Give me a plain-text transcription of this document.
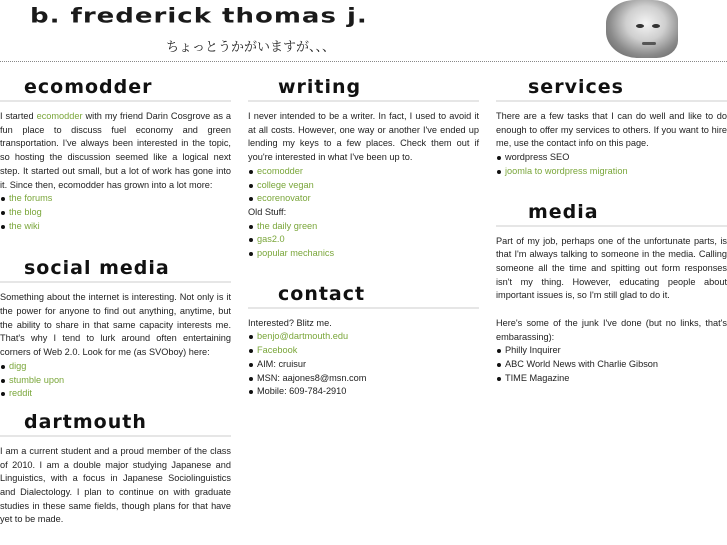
b. frederick thomas j.
ちょっとうかがいますが、、、
ecomodder

I started ecomodder with my friend Darin Cosgrove as a fun place to discuss fuel economy and green transportation. I've always been interested in the topic, so hosting the discussion seemed like a logical next step. It started out small, but a lot of work has gone into it. Since then, ecomodder has grown into a lot more:

the forums
the blog
the wiki
social media

Something about the internet is interesting. Not only is it the power for anyone to find out anything, anytime, but the ability to share in that same capacity interests me. That's why I tend to lurk around often entertaining corners of Web 2.0. Look for me (as SVOboy) here:

digg
stumble upon
reddit
dartmouth

I am a current student and a proud member of the class of 2010. I am a double major studying Japanese and Linguistics, with a focus in Japanese Sociolinguistics and Dialectology. I plan to continue on with graduate studies in these same fields, though plans for that have yet to be made.

writing

I never intended to be a writer. In fact, I used to avoid it at all costs. However, one way or another I've ended up lending my keys to a few places. Check them out if you're interested in what I've been up to.

ecomodder
college vegan
ecorenovator
Old Stuff:
the daily green
gas2.0
popular mechanics
contact
Interested? Blitz me.
benjo@dartmouth.edu
Facebook
AIM: cruisur
MSN: aajones8@msn.com
Mobile: 609-784-2910
services

There are a few tasks that I can do well and like to do enough to offer my services to others. If you want to hire me, use the contact info on this page.

wordpress SEO
joomla to wordpress migration
media

Part of my job, perhaps one of the unfortunate parts, is that I'm always talking to someone in the media. Calling someone all the time and spitting out form responses isn't my thing. However, educating people about important issues is, so I'm still glad to do it.

Here's some of the junk I've done (but no links, that's embarassing):

Philly Inquirer
ABC World News with Charlie Gibson
TIME Magazine
